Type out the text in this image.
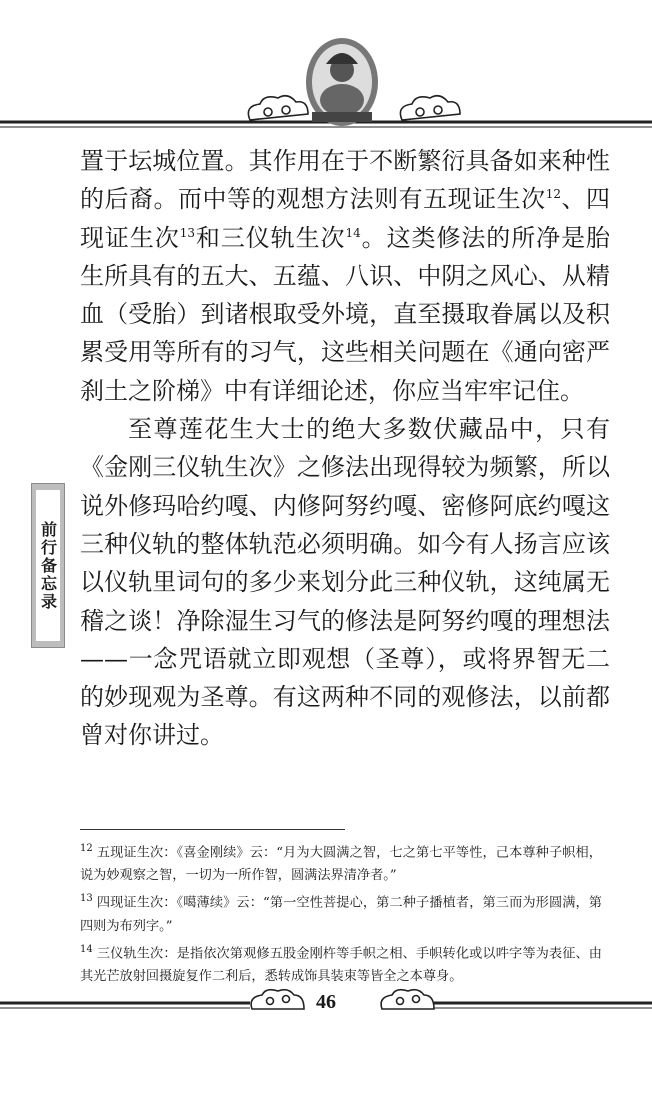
前行备忘录

置于坛城位置。其作用在于不断繁衍具备如来种性的后裔。而中等的观想方法则有五现证生次$^{12}$、四现证生次$^{13}$和三仪轨生次$^{14}$。这类修法的所净是胎生所具有的五大、五蕴、八识、中阴之风心、从精血（受胎）到诸根取受外境，直至摄取眷属以及积累受用等所有的习气，这些相关问题在《通向密严刹土之阶梯》中有详细论述，你应当牢牢记住。

至尊莲花生大士的绝大多数伏藏品中，只有《金刚三仪轨生次》之修法出现得较为频繁，所以说外修玛哈约嘎、内修阿努约嘎、密修阿底约嘎这三种仪轨的整体轨范必须明确。如今有人扬言应该以仪轨里词句的多少来划分此三种仪轨，这纯属无稽之谈！净除湿生习气的修法是阿努约嘎的理想法——一念咒语就立即观想（圣尊），或将界智无二的妙现观为圣尊。有这两种不同的观修法，以前都曾对你讲过。

$^{12}$ 五现证生次：《喜金刚续》云：“月为大圆满之智，七之第七平等性，己本尊种子帜相，说为妙观察之智，一切为一所作智，圆满法界清净者。”

$^{13}$ 四现证生次：《噶薄续》云：“第一空性菩提心，第二种子播植者，第三而为形圆满，第四则为布列字。”

$^{14}$ 三仪轨生次：是指依次第观修五股金刚杵等手帜之相、手帜转化或以吽字等为表征、由其光芒放射回摄旋复作二利后，悉转成饰具装束等皆全之本尊身。

46
